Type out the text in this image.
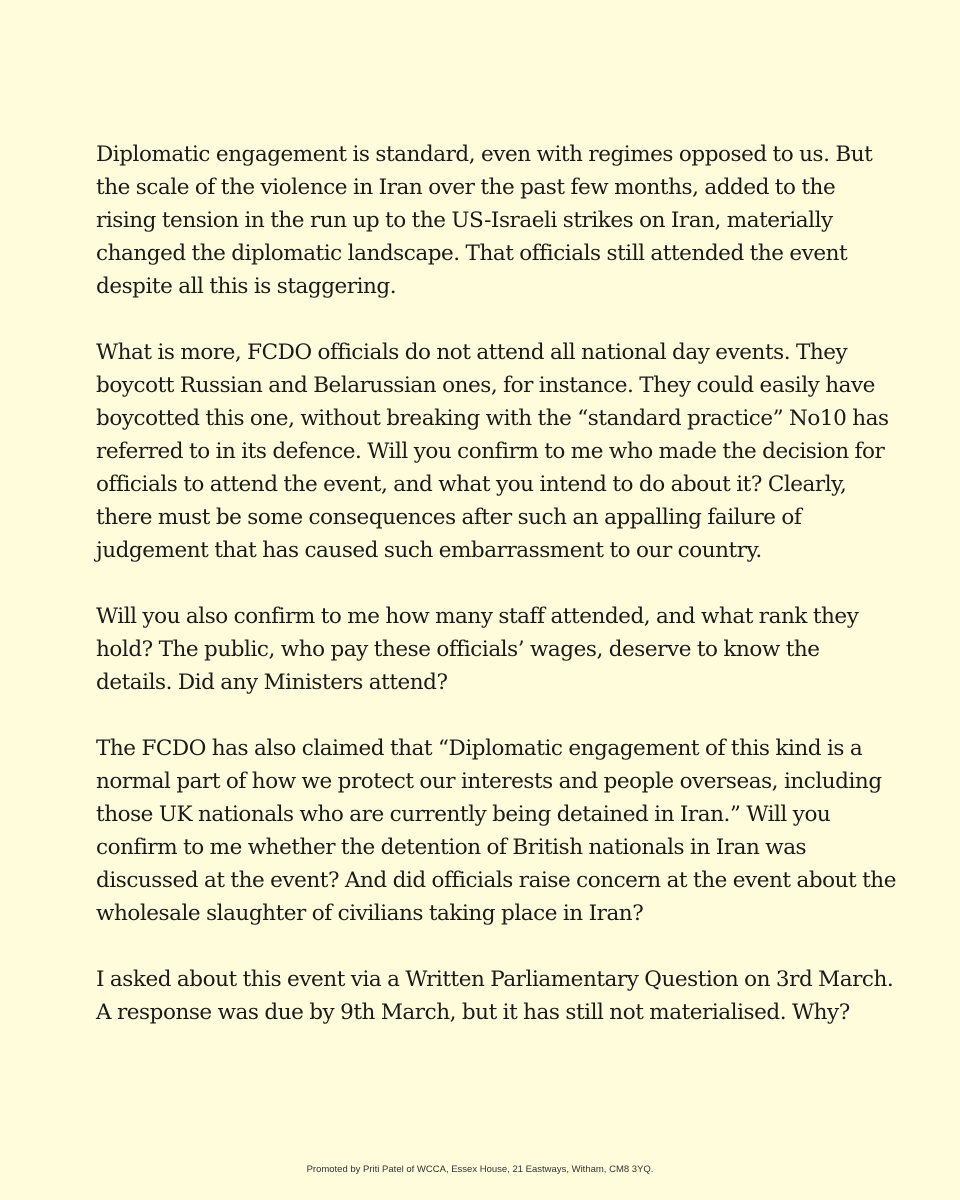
Diplomatic engagement is standard, even with regimes opposed to us. But the scale of the violence in Iran over the past few months, added to the rising tension in the run up to the US-Israeli strikes on Iran, materially changed the diplomatic landscape. That officials still attended the event despite all this is staggering.

What is more, FCDO officials do not attend all national day events. They boycott Russian and Belarussian ones, for instance. They could easily have boycotted this one, without breaking with the “standard practice” No10 has referred to in its defence. Will you confirm to me who made the decision for officials to attend the event, and what you intend to do about it? Clearly, there must be some consequences after such an appalling failure of judgement that has caused such embarrassment to our country.

Will you also confirm to me how many staff attended, and what rank they hold? The public, who pay these officials’ wages, deserve to know the details. Did any Ministers attend?

The FCDO has also claimed that “Diplomatic engagement of this kind is a normal part of how we protect our interests and people overseas, including those UK nationals who are currently being detained in Iran.” Will you confirm to me whether the detention of British nationals in Iran was discussed at the event? And did officials raise concern at the event about the wholesale slaughter of civilians taking place in Iran?

I asked about this event via a Written Parliamentary Question on 3rd March. A response was due by 9th March, but it has still not materialised. Why?

Promoted by Priti Patel of WCCA, Essex House, 21 Eastways, Witham, CM8 3YQ.
